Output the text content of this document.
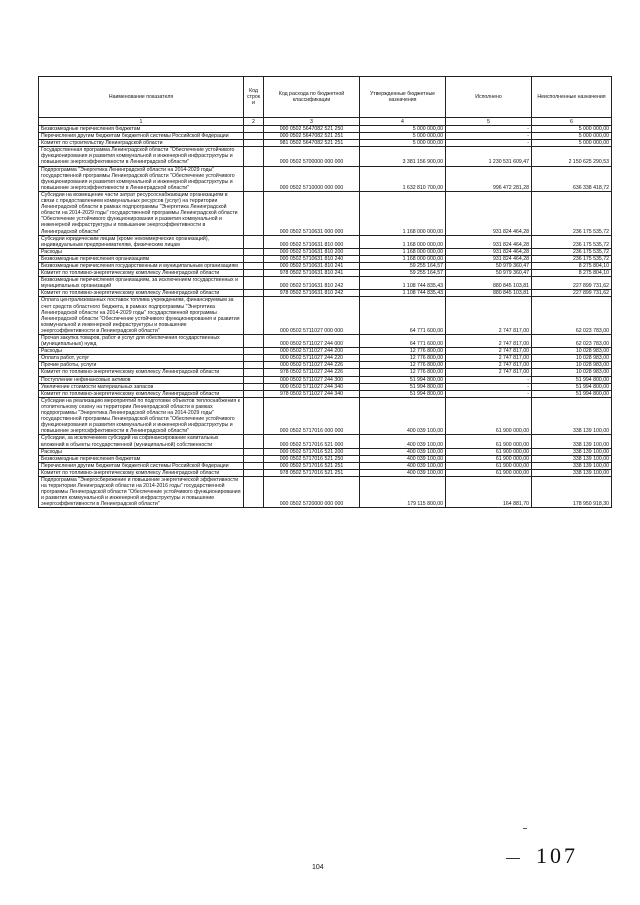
Наименование показателя	Код строк и	Код расхода по бюджетной классификации	Утвержденные бюджетные назначения	Исполнено	Неисполненные назначения
1	2	3	4	5	6
Безвозмездные перечисления бюджетам		000 0502 5647082 521 250	5 000 000,00	-	5 000 000,00
Перечисления другим бюджетам бюджетной системы Российской Федерации		000 0502 5647082 521 251	5 000 000,00	-	5 000 000,00
Комитет по строительству Ленинградской области		981 0502 5647082 521 251	5 000 000,00	-	5 000 000,00
Государственная программа Ленинградской области "Обеспечение устойчивого функционирования и развития коммунальной и инженерной инфраструктуры и повышение энергоэффективности в Ленинградской области"		000 0502 5700000 000 000	3 381 156 900,00	1 230 531 609,47	2 150 625 290,53
Подпрограмма "Энергетика Ленинградской области на 2014-2029 годы" государственной программы Ленинградской области "Обеспечение устойчивого функционирования и развития коммунальной и инженерной инфраструктуры и повышение энергоэффективности в Ленинградской области"		000 0502 5710000 000 000	1 632 810 700,00	996 472 281,28	636 338 418,72
Субсидии на возмещение части затрат ресурсоснабжающим организациям в связи с предоставлением коммунальных ресурсов (услуг) на территории Ленинградской области в рамках подпрограммы "Энергетика Ленинградской области на 2014-2029 годы" государственной программы Ленинградской области "Обеспечение устойчивого функционирования и развития коммунальной и инженерной инфраструктуры и повышение энергоэффективности в Ленинградской области"		000 0502 5710631 000 000	1 168 000 000,00	931 824 464,28	236 175 535,72
Субсидии юридическим лицам (кроме некоммерческих организаций), индивидуальным предпринимателям, физическим лицам		000 0502 5710631 810 000	1 168 000 000,00	931 824 464,28	236 175 535,72
Расходы		000 0502 5710631 810 200	1 168 000 000,00	931 824 464,28	236 175 535,72
Безвозмездные перечисления организациям		000 0502 5710631 810 240	1 168 000 000,00	931 824 464,28	236 175 535,72
Безвозмездные перечисления государственным и муниципальным организациям		000 0502 5710631 810 241	59 255 164,57	50 979 360,47	8 275 804,10
Комитет по топливно-энергетическому комплексу Ленинградской области		978 0502 5710631 810 241	59 255 164,57	50 979 360,47	8 275 804,10
Безвозмездные перечисления организациям, за исключением государственных и муниципальных организаций		000 0502 5710631 810 242	1 108 744 835,43	880 845 103,81	227 899 731,62
Комитет по топливно-энергетическому комплексу Ленинградской области		978 0502 5710631 810 242	1 108 744 835,43	880 845 103,81	227 899 731,62
Оплата централизованных поставок топлива учреждениям, финансируемым за счет средств областного бюджета, в рамках подпрограммы "Энергетика Ленинградской области на 2014-2029 годы" государственной программы Ленинградской области "Обеспечение устойчивого функционирования и развития коммунальной и инженерной инфраструктуры и повышение энергоэффективности в Ленинградской области"		000 0502 5711027 000 000	64 771 600,00	2 747 817,00	62 023 783,00
Прочая закупка товаров, работ и услуг для обеспечения государственных (муниципальных) нужд		000 0502 5711027 244 000	64 771 600,00	2 747 817,00	62 023 783,00
Расходы		000 0502 5711027 244 200	12 776 800,00	2 747 817,00	10 028 983,00
Оплата работ, услуг		000 0502 5711027 244 220	12 776 800,00	2 747 817,00	10 028 983,00
Прочие работы, услуги		000 0502 5711027 244 226	12 776 800,00	2 747 817,00	10 028 983,00
Комитет по топливно-энергетическому комплексу Ленинградской области		978 0502 5711027 244 226	12 776 800,00	2 747 817,00	10 028 983,00
Поступление нефинансовых активов		000 0502 5711027 244 300	51 994 800,00	-	51 994 800,00
Увеличение стоимости материальных запасов		000 0502 5711027 244 340	51 994 800,00	-	51 994 800,00
Комитет по топливно-энергетическому комплексу Ленинградской области		978 0502 5711027 244 340	51 994 800,00	-	51 994 800,00
Субсидии на реализацию мероприятий по подготовке объектов теплоснабжения к отопительному сезону на территории Ленинградской области в рамках подпрограммы "Энергетика Ленинградской области на 2014-2029 годы" государственной программы Ленинградской области "Обеспечение устойчивого функционирования и развития коммунальной и инженерной инфраструктуры и повышение энергоэффективности в Ленинградской области"		000 0502 5717016 000 000	400 039 100,00	61 900 000,00	338 139 100,00
Субсидии, за исключением субсидий на софинансирование капитальных вложений в объекты государственной (муниципальной) собственности		000 0502 5717016 521 000	400 039 100,00	61 900 000,00	338 139 100,00
Расходы		000 0502 5717016 521 200	400 039 100,00	61 900 000,00	338 139 100,00
Безвозмездные перечисления бюджетам		000 0502 5717016 521 250	400 039 100,00	61 900 000,00	338 139 100,00
Перечисления другим бюджетам бюджетной системы Российской Федерации		000 0502 5717016 521 251	400 039 100,00	61 900 000,00	338 139 100,00
Комитет по топливно-энергетическому комплексу Ленинградской области		978 0502 5717016 521 251	400 039 100,00	61 900 000,00	338 139 100,00
Подпрограмма "Энергосбережение и повышение энергетической эффективности на территории Ленинградской области на 2014-2016 годы" государственной программы Ленинградской области "Обеспечение устойчивого функционирования и развития коммунальной и инженерной инфраструктуры и повышение энергоэффективности в Ленинградской области"		000 0502 5720000 000 000	179 115 800,00	164 881,70	178 950 918,30
107
104
